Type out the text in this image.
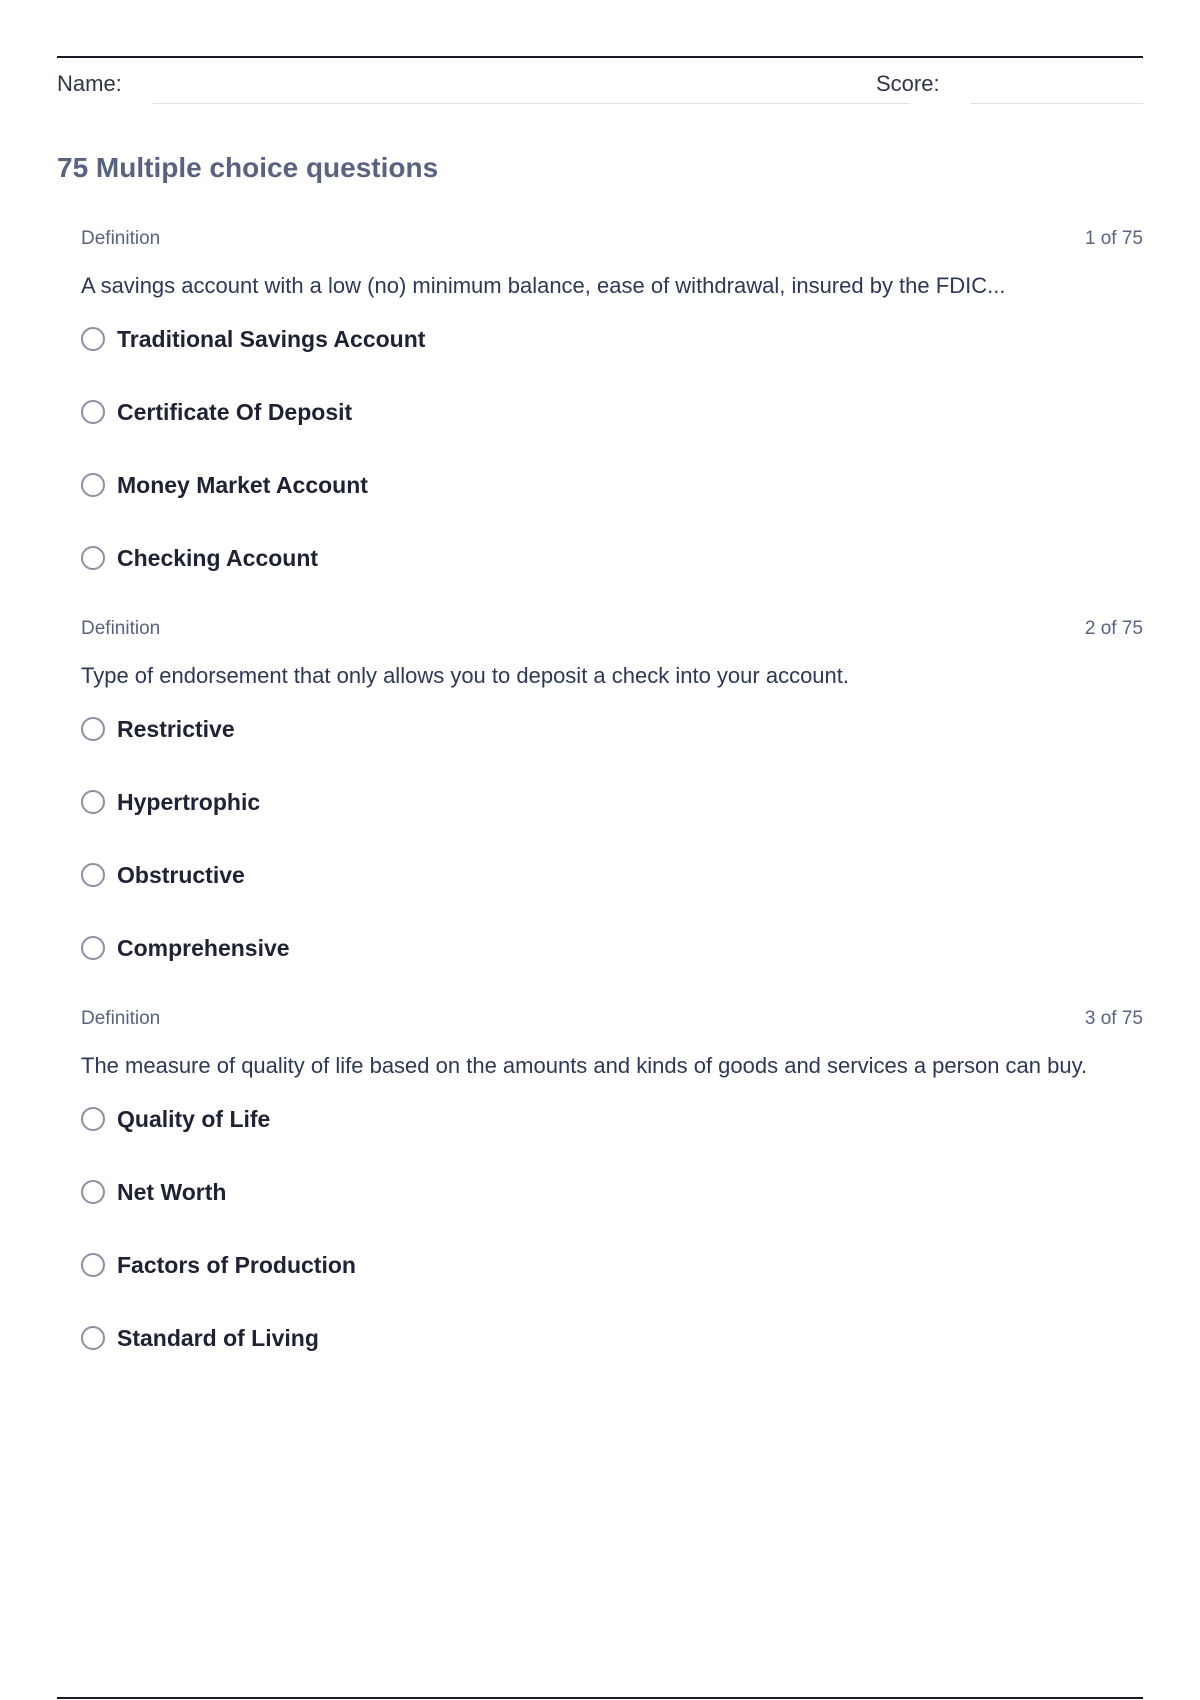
Name:	Score:
75 Multiple choice questions
Definition	1 of 75
A savings account with a low (no) minimum balance, ease of withdrawal, insured by the FDIC...
Traditional Savings Account
Certificate Of Deposit
Money Market Account
Checking Account
Definition	2 of 75
Type of endorsement that only allows you to deposit a check into your account.
Restrictive
Hypertrophic
Obstructive
Comprehensive
Definition	3 of 75
The measure of quality of life based on the amounts and kinds of goods and services a person can buy.
Quality of Life
Net Worth
Factors of Production
Standard of Living
